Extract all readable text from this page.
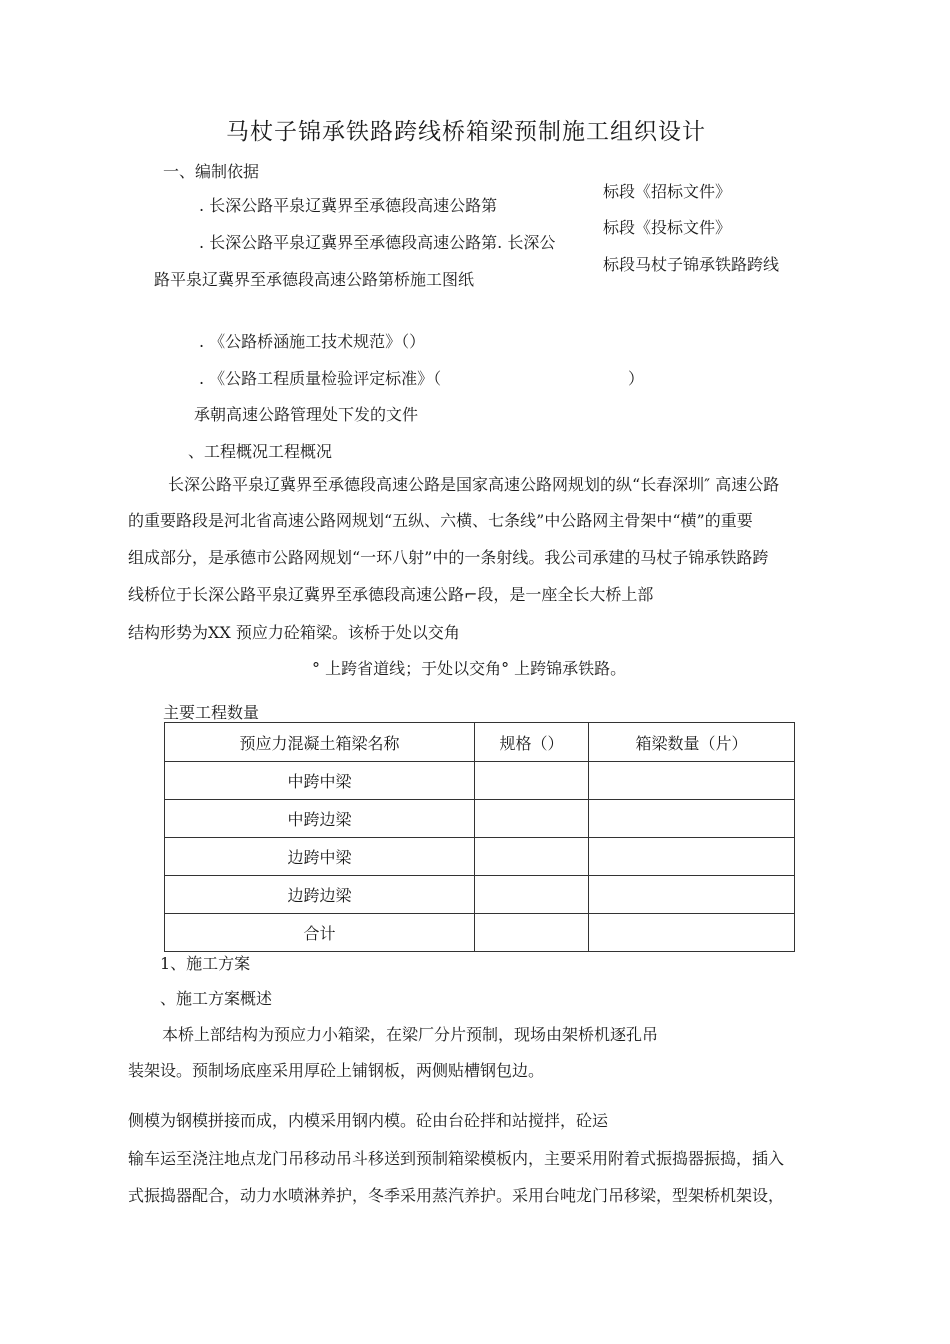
马杖子锦承铁路跨线桥箱梁预制施工组织设计
一、编制依据
. 长深公路平泉辽冀界至承德段高速公路第
标段《招标文件》
. 长深公路平泉辽冀界至承德段高速公路第. 长深公
标段《投标文件》
路平泉辽冀界至承德段高速公路第桥施工图纸
标段马杖子锦承铁路跨线
. 《公路桥涵施工技术规范》（）
. 《公路工程质量检验评定标准》（	）
承朝高速公路管理处下发的文件
、工程概况工程概况
长深公路平泉辽冀界至承德段高速公路是国家高速公路网规划的纵“长春深圳″ 高速公路
的重要路段是河北省高速公路网规划“五纵、六横、七条线”中公路网主骨架中“横”的重要
组成部分，是承德市公路网规划“一环八射”中的一条射线。我公司承建的马杖子锦承铁路跨
线桥位于长深公路平泉辽冀界至承德段高速公路⌐段，是一座全长大桥上部
结构形势为XX 预应力砼箱梁。该桥于处以交角
° 上跨省道线；于处以交角° 上跨锦承铁路。
主要工程数量
预应力混凝土箱梁名称	规格（）	箱梁数量（片）
中跨中梁		
中跨边梁		
边跨中梁		
边跨边梁		
合计		
1、施工方案
、施工方案概述
本桥上部结构为预应力小箱梁，在梁厂分片预制，现场由架桥机逐孔吊
装架设。预制场底座采用厚砼上铺钢板，两侧贴槽钢包边。
侧模为钢模拼接而成，内模采用钢内模。砼由台砼拌和站搅拌，砼运
输车运至浇注地点龙门吊移动吊斗移送到预制箱梁模板内，主要采用附着式振捣器振捣，插入
式振捣器配合，动力水喷淋养护，冬季采用蒸汽养护。采用台吨龙门吊移梁，型架桥机架设，
